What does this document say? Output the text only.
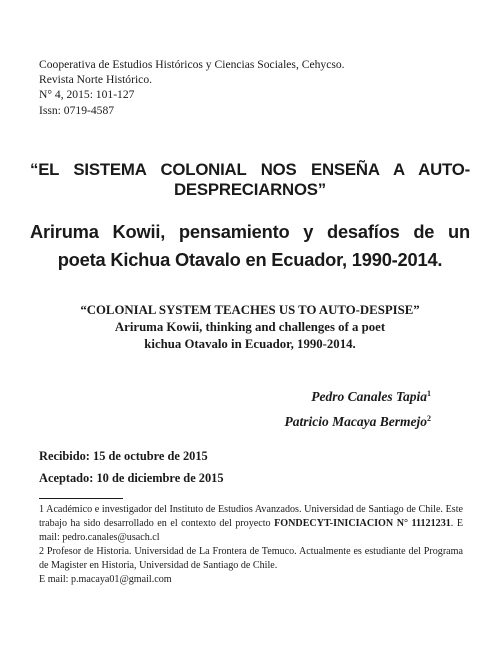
Cooperativa de Estudios Históricos y Ciencias Sociales, Cehycso.
Revista Norte Histórico.
N° 4, 2015: 101-127
Issn: 0719-4587
“EL SISTEMA COLONIAL NOS ENSEÑA A AUTO-
DESPRECIARNOS”
Ariruma Kowii, pensamiento y desafíos de un
poeta Kichua Otavalo en Ecuador, 1990-2014.
“COLONIAL SYSTEM TEACHES US TO AUTO-DESPISE”
Ariruma Kowii, thinking and challenges of a poet
kichua Otavalo in Ecuador, 1990-2014.
Pedro Canales Tapia$^1$
Patricio Macaya Bermejo$^2$
Recibido: 15 de octubre de 2015
Aceptado: 10 de diciembre de 2015
1 Académico e investigador del Instituto de Estudios Avanzados. Universidad de Santiago de Chile. Este trabajo ha sido desarrollado en el contexto del proyecto FONDECYT-INICIACION N° 11121231. E mail: pedro.canales@usach.cl
2 Profesor de Historia. Universidad de La Frontera de Temuco. Actualmente es estudiante del Programa de Magister en Historia, Universidad de Santiago de Chile.
E mail: p.macaya01@gmail.com
